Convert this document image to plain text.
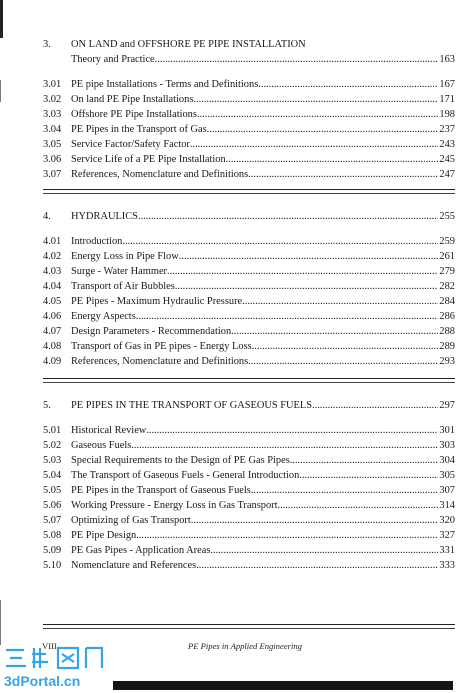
3.	ON LAND and OFFSHORE PE PIPE INSTALLATION
Theory and Practice .....	163
3.01 PE pipe Installations - Terms and Definitions .....	167
3.02 On land PE Pipe Installations .....	171
3.03 Offshore PE Pipe Installations .....	198
3.04 PE Pipes in the Transport of Gas .....	237
3.05 Service Factor/Safety Factor .....	243
3.06 Service Life of a PE Pipe Installation .....	245
3.07 References, Nomenclature and Definitions .....	247
4.	HYDRAULICS .....	255
4.01 Introduction .....	259
4.02 Energy Loss in Pipe Flow .....	261
4.03 Surge - Water Hammer .....	279
4.04 Transport of Air Bubbles .....	282
4.05 PE Pipes - Maximum Hydraulic Pressure .....	284
4.06 Energy Aspects .....	286
4.07 Design Parameters - Recommendation .....	288
4.08 Transport of Gas in PE pipes - Energy Loss .....	289
4.09 References, Nomenclature and Definitions .....	293
5.	PE PIPES IN THE TRANSPORT OF GASEOUS FUELS .....	297
5.01 Historical Review .....	301
5.02 Gaseous Fuels .....	303
5.03 Special Requirements to the Design of PE Gas Pipes .....	304
5.04 The Transport of Gaseous Fuels - General Introduction .....	305
5.05 PE Pipes in the Transport of Gaseous Fuels .....	307
5.06 Working Pressure - Energy Loss in Gas Transport .....	314
5.07 Optimizing of Gas Transport .....	320
5.08 PE Pipe Design .....	327
5.09 PE Gas Pipes - Application Areas .....	331
5.10 Nomenclature and References .....	333
VIII	PE Pipes in Applied Engineering
3dPortal.cn
